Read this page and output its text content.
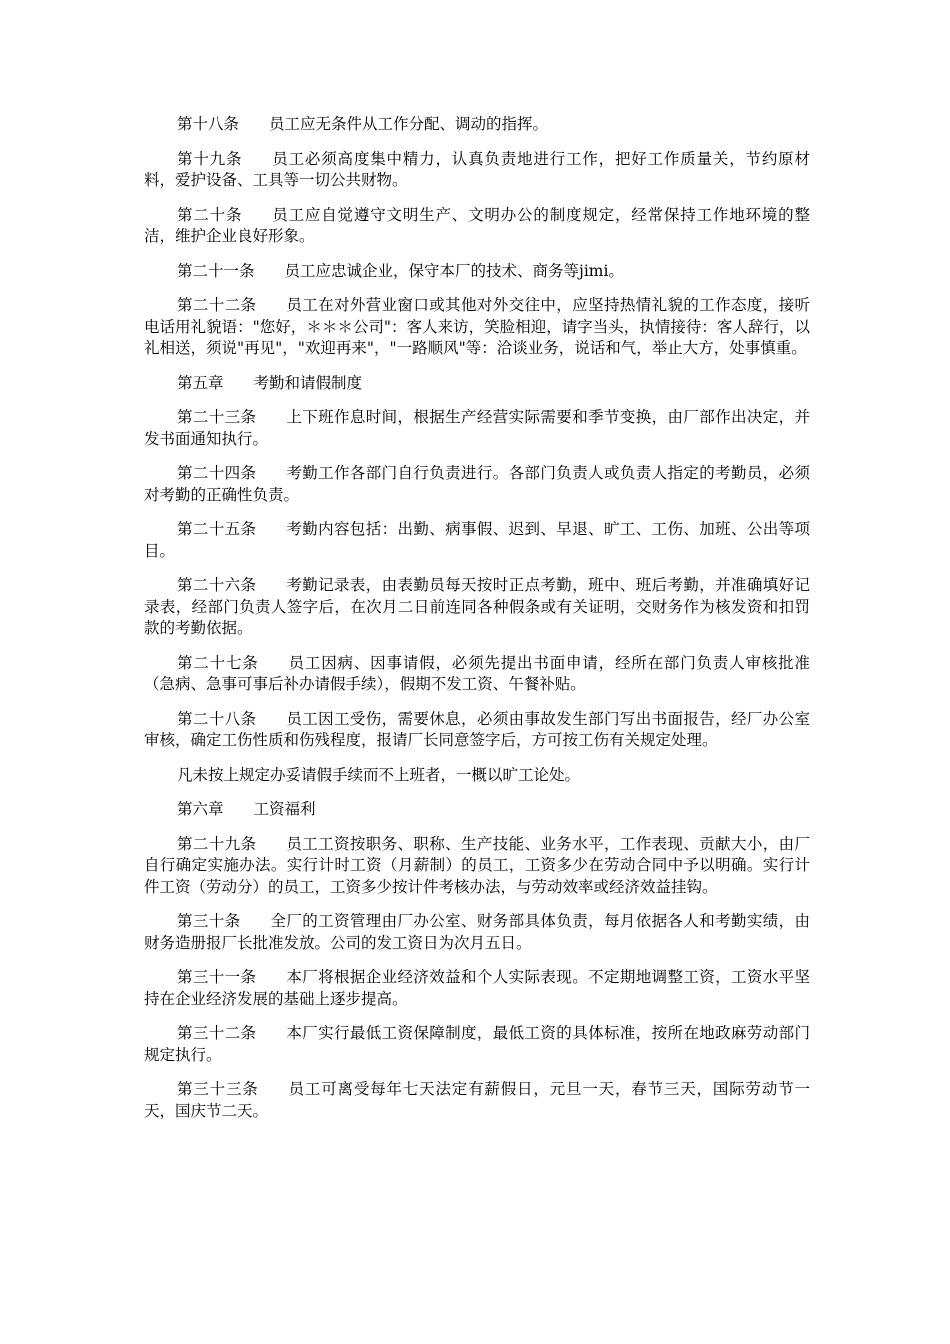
第十八条 员工应无条件从工作分配、调动的指挥。

第十九条 员工必须高度集中精力，认真负责地进行工作，把好工作质量关，节约原材料，爱护设备、工具等一切公共财物。

第二十条 员工应自觉遵守文明生产、文明办公的制度规定，经常保持工作地环境的整洁，维护企业良好形象。

第二十一条 员工应忠诚企业，保守本厂的技术、商务等jimi。

第二十二条 员工在对外营业窗口或其他对外交往中，应坚持热情礼貌的工作态度，接听电话用礼貌语："您好，＊＊＊公司"：客人来访，笑脸相迎，请字当头，执情接待：客人辞行，以礼相送，须说"再见"，"欢迎再来"，"一路顺风"等：洽谈业务，说话和气，举止大方，处事慎重。

第五章 考勤和请假制度

第二十三条 上下班作息时间，根据生产经营实际需要和季节变换，由厂部作出决定，并发书面通知执行。

第二十四条 考勤工作各部门自行负责进行。各部门负责人或负责人指定的考勤员，必须对考勤的正确性负责。

第二十五条 考勤内容包括：出勤、病事假、迟到、早退、旷工、工伤、加班、公出等项目。

第二十六条 考勤记录表，由表勤员每天按时正点考勤，班中、班后考勤，并准确填好记录表，经部门负责人签字后，在次月二日前连同各种假条或有关证明，交财务作为核发资和扣罚款的考勤依据。

第二十七条 员工因病、因事请假，必须先提出书面申请，经所在部门负责人审核批准（急病、急事可事后补办请假手续），假期不发工资、午餐补贴。

第二十八条 员工因工受伤，需要休息，必须由事故发生部门写出书面报告，经厂办公室审核，确定工伤性质和伤残程度，报请厂长同意签字后，方可按工伤有关规定处理。

凡未按上规定办妥请假手续而不上班者，一概以旷工论处。

第六章 工资福利

第二十九条 员工工资按职务、职称、生产技能、业务水平，工作表现、贡献大小，由厂自行确定实施办法。实行计时工资（月薪制）的员工，工资多少在劳动合同中予以明确。实行计件工资（劳动分）的员工，工资多少按计件考核办法，与劳动效率或经济效益挂钩。

第三十条 全厂的工资管理由厂办公室、财务部具体负责，每月依据各人和考勤实绩，由财务造册报厂长批准发放。公司的发工资日为次月五日。

第三十一条 本厂将根据企业经济效益和个人实际表现。不定期地调整工资，工资水平坚持在企业经济发展的基础上逐步提高。

第三十二条 本厂实行最低工资保障制度，最低工资的具体标准，按所在地政麻劳动部门规定执行。

第三十三条 员工可离受每年七天法定有薪假日，元旦一天，春节三天，国际劳动节一天，国庆节二天。
